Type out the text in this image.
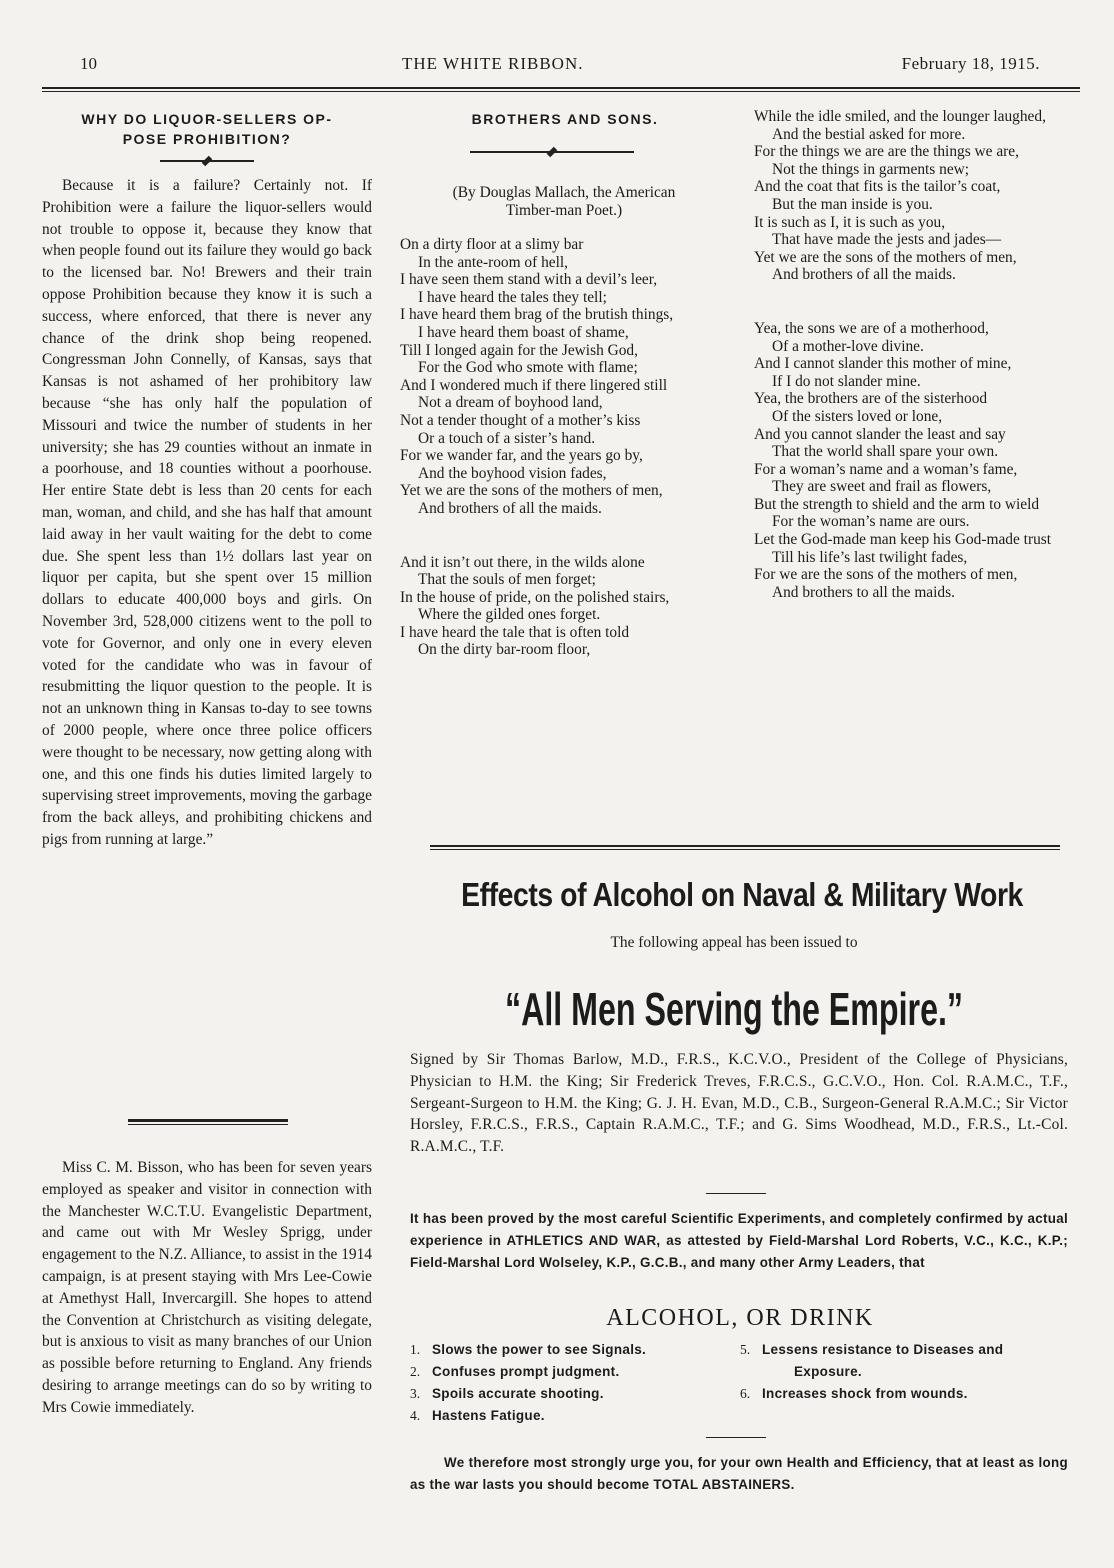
10	THE WHITE RIBBON.	February 18, 1915.
WHY DO LIQUOR-SELLERS OP-
POSE PROHIBITION?

Because it is a failure? Certainly not. If Prohibition were a failure the liquor-sellers would not trouble to oppose it, because they know that when people found out its failure they would go back to the licensed bar. No! Brewers and their train oppose Prohibition because they know it is such a success, where enforced, that there is never any chance of the drink shop being reopened. Congressman John Connelly, of Kansas, says that Kansas is not ashamed of her prohibitory law because “she has only half the population of Missouri and twice the number of students in her university; she has 29 counties without an inmate in a poorhouse, and 18 counties without a poorhouse. Her entire State debt is less than 20 cents for each man, woman, and child, and she has half that amount laid away in her vault waiting for the debt to come due. She spent less than 1½ dollars last year on liquor per capita, but she spent over 15 million dollars to educate 400,000 boys and girls. On November 3rd, 528,000 citizens went to the poll to vote for Governor, and only one in every eleven voted for the candidate who was in favour of resubmitting the liquor question to the people. It is not an unknown thing in Kansas to-day to see towns of 2000 people, where once three police officers were thought to be necessary, now getting along with one, and this one finds his duties limited largely to supervising street improvements, moving the garbage from the back alleys, and prohibiting chickens and pigs from running at large.”

Miss C. M. Bisson, who has been for seven years employed as speaker and visitor in connection with the Manchester W.C.T.U. Evangelistic Department, and came out with Mr Wesley Sprigg, under engagement to the N.Z. Alliance, to assist in the 1914 campaign, is at present staying with Mrs Lee-Cowie at Amethyst Hall, Invercargill. She hopes to attend the Convention at Christchurch as visiting delegate, but is anxious to visit as many branches of our Union as possible before returning to England. Any friends desiring to arrange meetings can do so by writing to Mrs Cowie immediately.

BROTHERS AND SONS.
(By Douglas Mallach, the American
Timber-man Poet.)
On a dirty floor at a slimy bar
In the ante-room of hell,
I have seen them stand with a devil’s leer,
I have heard the tales they tell;
I have heard them brag of the brutish things,
I have heard them boast of shame,
Till I longed again for the Jewish God,
For the God who smote with flame;
And I wondered much if there lingered still
Not a dream of boyhood land,
Not a tender thought of a mother’s kiss
Or a touch of a sister’s hand.
For we wander far, and the years go by,
And the boyhood vision fades,
Yet we are the sons of the mothers of men,
And brothers of all the maids.
And it isn’t out there, in the wilds alone
That the souls of men forget;
In the house of pride, on the polished stairs,
Where the gilded ones forget.
I have heard the tale that is often told
On the dirty bar-room floor,
While the idle smiled, and the lounger laughed,
And the bestial asked for more.
For the things we are are the things we are,
Not the things in garments new;
And the coat that fits is the tailor’s coat,
But the man inside is you.
It is such as I, it is such as you,
That have made the jests and jades—
Yet we are the sons of the mothers of men,
And brothers of all the maids.
Yea, the sons we are of a motherhood,
Of a mother-love divine.
And I cannot slander this mother of mine,
If I do not slander mine.
Yea, the brothers are of the sisterhood
Of the sisters loved or lone,
And you cannot slander the least and say
That the world shall spare your own.
For a woman’s name and a woman’s fame,
They are sweet and frail as flowers,
But the strength to shield and the arm to wield
For the woman’s name are ours.
Let the God-made man keep his God-made trust
Till his life’s last twilight fades,
For we are the sons of the mothers of men,
And brothers to all the maids.
Effects of Alcohol on Naval & Military Work
The following appeal has been issued to
“All Men Serving the Empire.”

Signed by Sir Thomas Barlow, M.D., F.R.S., K.C.V.O., President of the College of Physicians, Physician to H.M. the King; Sir Frederick Treves, F.R.C.S., G.C.V.O., Hon. Col. R.A.M.C., T.F., Sergeant-Surgeon to H.M. the King; G. J. H. Evan, M.D., C.B., Surgeon-General R.A.M.C.; Sir Victor Horsley, F.R.C.S., F.R.S., Captain R.A.M.C., T.F.; and G. Sims Woodhead, M.D., F.R.S., Lt.-Col. R.A.M.C., T.F.

It has been proved by the most careful Scientific Experiments, and completely confirmed by actual experience in ATHLETICS AND WAR, as attested by Field-Marshal Lord Roberts, V.C., K.C., K.P.; Field-Marshal Lord Wolseley, K.P., G.C.B., and many other Army Leaders, that

ALCOHOL, OR DRINK
1. Slows the power to see Signals.
2. Confuses prompt judgment.
3. Spoils accurate shooting.
4. Hastens Fatigue.
5. Lessens resistance to Diseases and
Exposure.
6. Increases shock from wounds.

We therefore most strongly urge you, for your own Health and Efficiency, that at least as long as the war lasts you should become TOTAL ABSTAINERS.
